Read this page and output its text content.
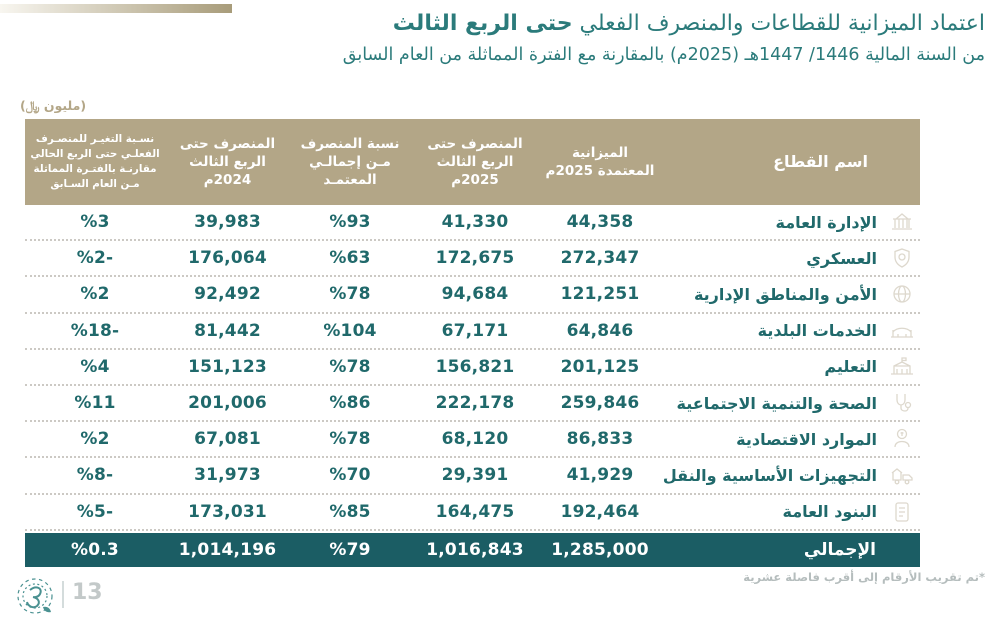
اعتماد الميزانية للقطاعات والمنصرف الفعلي حتى الربع الثالث
من السنة المالية 1446/ 1447هـ (2025م) بالمقارنة مع الفترة المماثلة من العام السابق
(مليون ﷼)
اسم القطاع
الميزانية المعتمدة 2025م
المنصرف حتى الربع الثالث 2025م
نسبة المنصرف مـن إجمالـي المعتمـد
المنصرف حتى الربع الثالث 2024م
نسـبة التغيـر للمنصـرف الفعلـي حتى الربع الحالي مقارنـة بالفتـرة المماثلة مـن العام السـابق
الإدارة العامة
44,358
41,330
%93
39,983
%3
العسكري
272,347
172,675
%63
176,064
%2-
الأمن والمناطق الإدارية
121,251
94,684
%78
92,492
%2
الخدمات البلدية
64,846
67,171
%104
81,442
%18-
التعليم
201,125
156,821
%78
151,123
%4
الصحة والتنمية الاجتماعية
259,846
222,178
%86
201,006
%11
الموارد الاقتصادية
86,833
68,120
%78
67,081
%2
التجهيزات الأساسية والنقل
41,929
29,391
%70
31,973
%8-
البنود العامة
192,464
164,475
%85
173,031
%5-
الإجمالي
1,285,000
1,016,843
%79
1,014,196
%0.3
*تم تقريب الأرقام إلى أقرب فاصلة عشرية
13
